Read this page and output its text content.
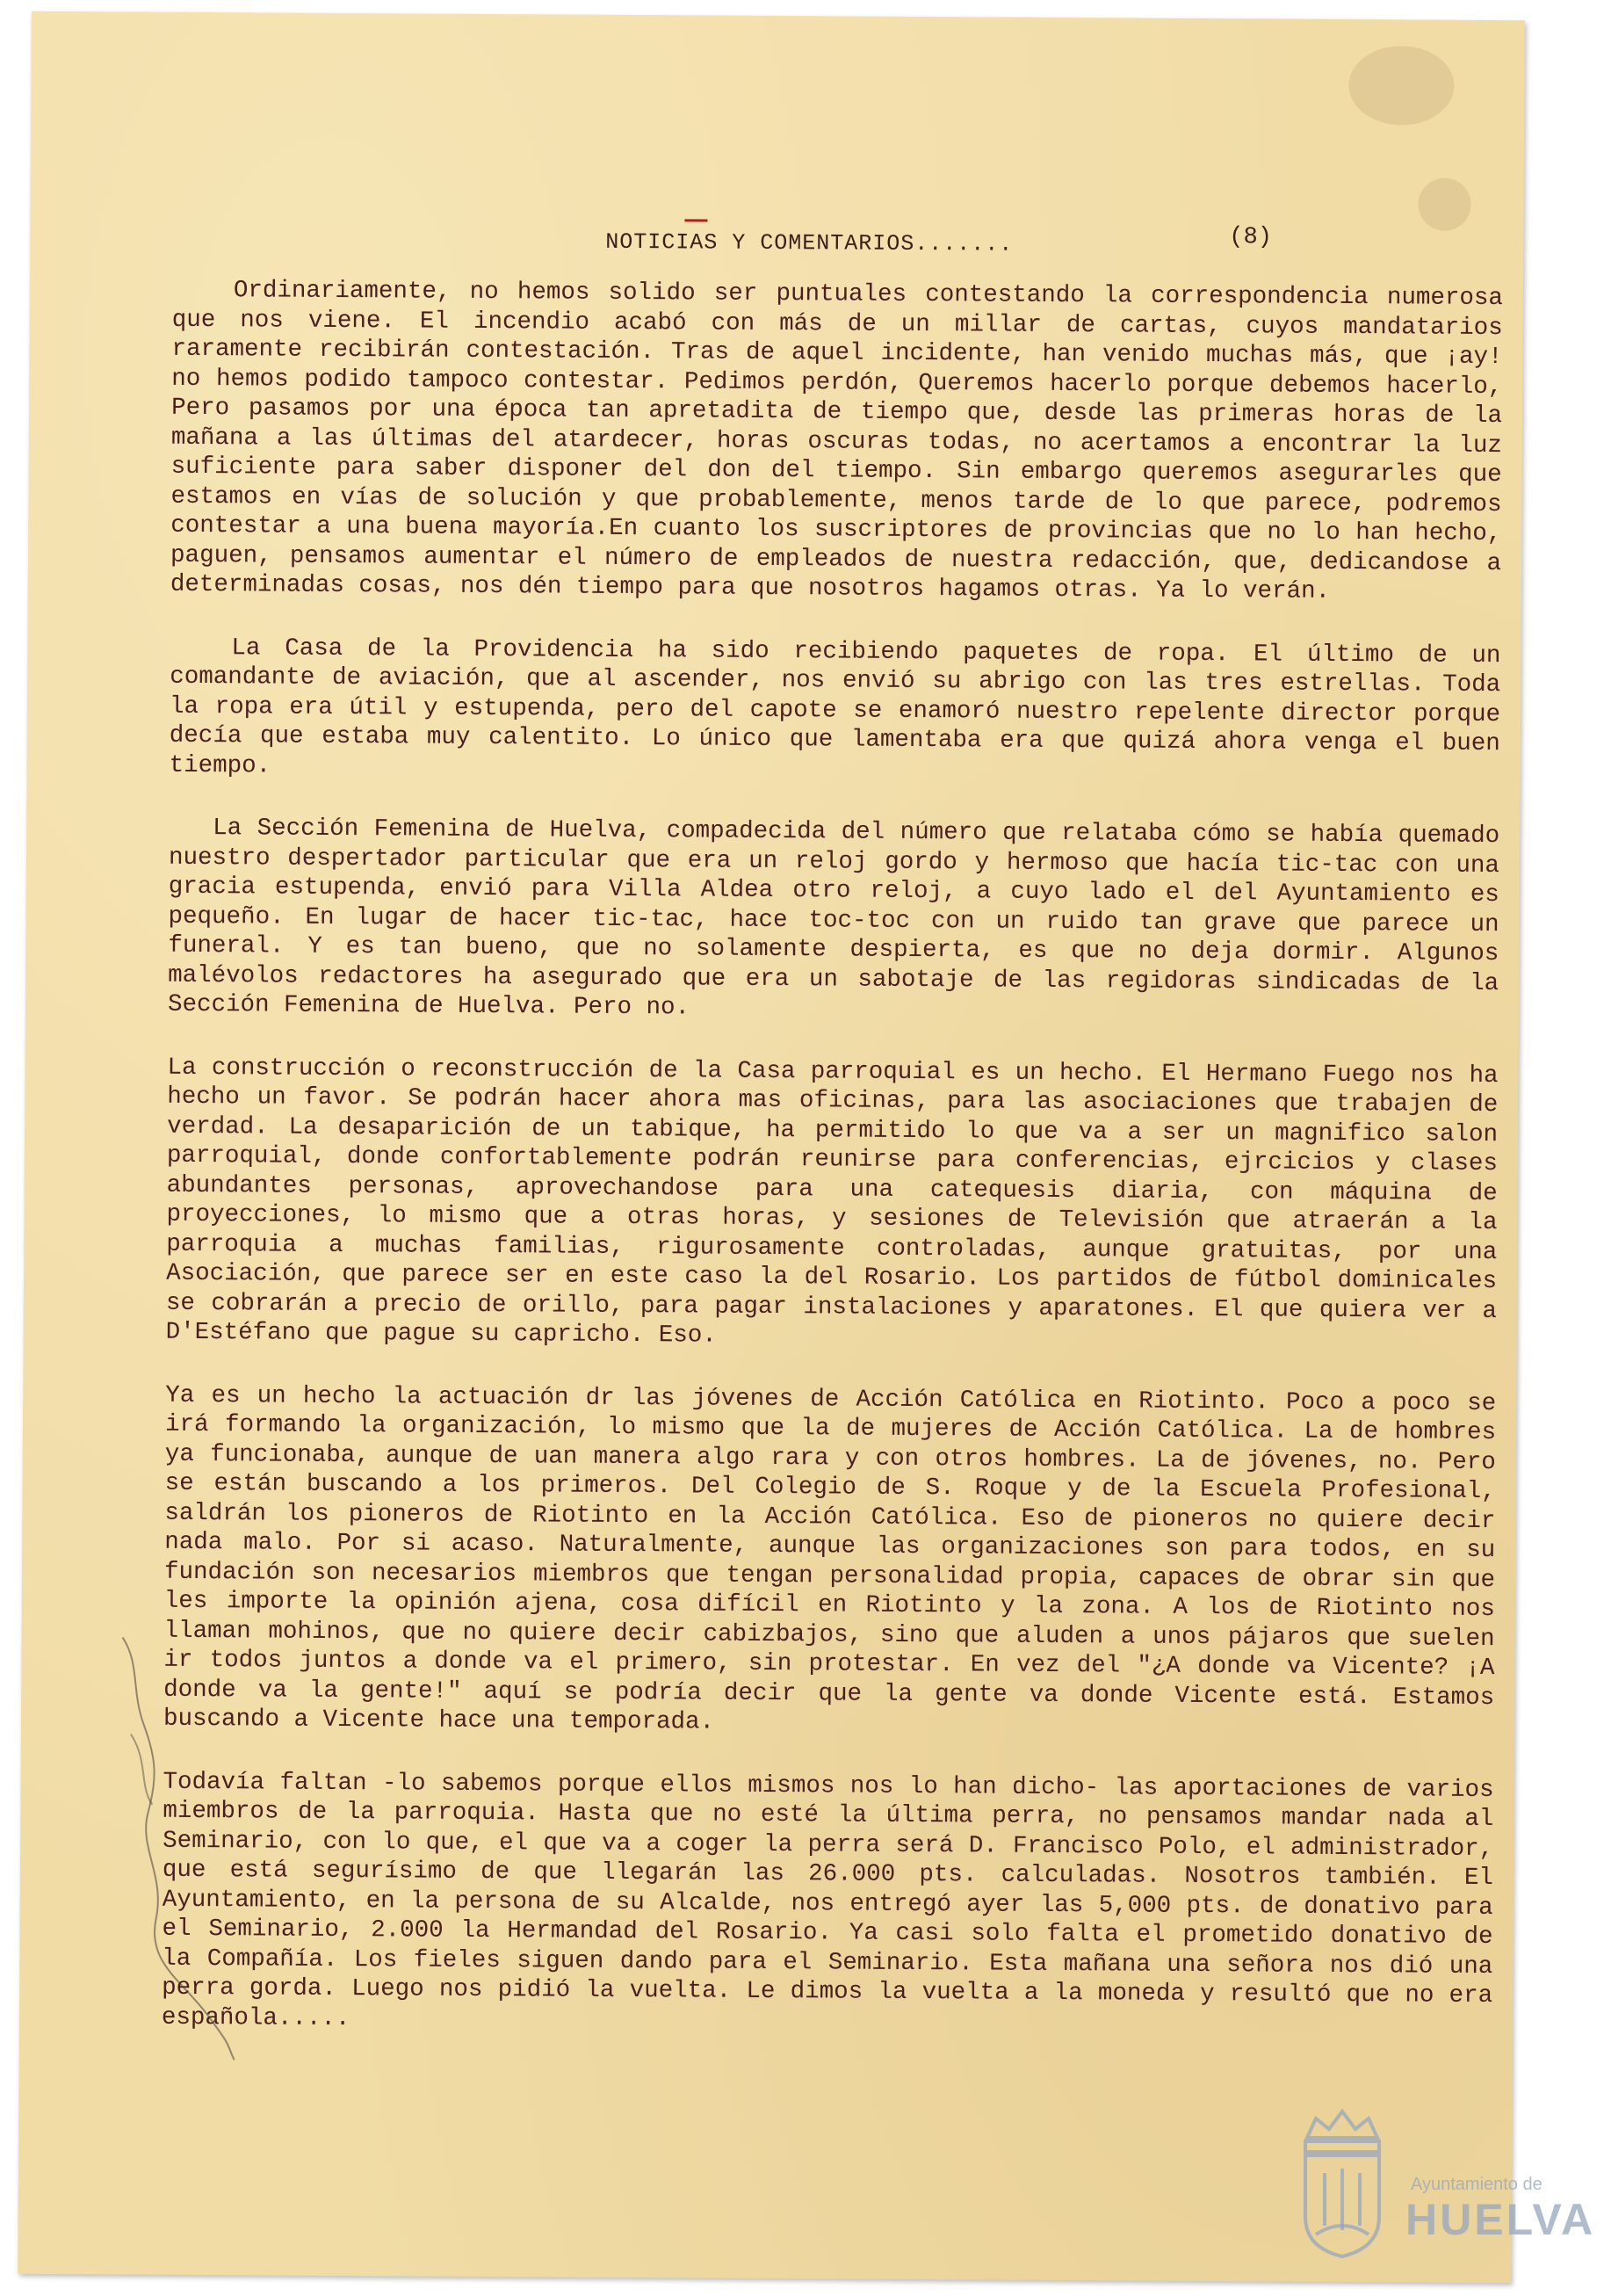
NOTICIAS Y COMENTARIOS.......	(8)

Ordinariamente, no hemos solido ser puntuales contestando la correspondencia numerosa que nos viene. El incendio acabó con más de un millar de cartas, cuyos mandatarios raramente recibirán contestación. Tras de aquel incidente, han venido muchas más, que ¡ay! no hemos podido tampoco contestar. Pedimos perdón, Queremos hacerlo porque debemos hacerlo, Pero pasamos por una época tan apretadita de tiempo que, desde las primeras horas de la mañana a las últimas del atardecer, horas oscuras todas, no acertamos a encontrar la luz suficiente para saber disponer del don del tiempo. Sin embargo queremos asegurarles que estamos en vías de solución y que probablemente, menos tarde de lo que parece, podremos contestar a una buena mayoría.En cuanto los suscriptores de provincias que no lo han hecho, paguen, pensamos aumentar el número de empleados de nuestra redacción, que, dedicandose a determinadas cosas, nos dén tiempo para que nosotros hagamos otras. Ya lo verán.

La Casa de la Providencia ha sido recibiendo paquetes de ropa. El último de un comandante de aviación, que al ascender, nos envió su abrigo con las tres estrellas. Toda la ropa era útil y estupenda, pero del capote se enamoró nuestro repelente director porque decía que estaba muy calentito. Lo único que lamentaba era que quizá ahora venga el buen tiempo.

La Sección Femenina de Huelva, compadecida del número que relataba cómo se había quemado nuestro despertador particular que era un reloj gordo y hermoso que hacía tic-tac con una gracia estupenda, envió para Villa Aldea otro reloj, a cuyo lado el del Ayuntamiento es pequeño. En lugar de hacer tic-tac, hace toc-toc con un ruido tan grave que parece un funeral. Y es tan bueno, que no solamente despierta, es que no deja dormir. Algunos malévolos redactores ha asegurado que era un sabotaje de las regidoras sindicadas de la Sección Femenina de Huelva. Pero no.

La construcción o reconstrucción de la Casa parroquial es un hecho. El Hermano Fuego nos ha hecho un favor. Se podrán hacer ahora mas oficinas, para las asociaciones que trabajen de verdad. La desaparición de un tabique, ha permitido lo que va a ser un magnifico salon parroquial, donde confortablemente podrán reunirse para conferencias, ejrcicios y clases abundantes personas, aprovechandose para una catequesis diaria, con máquina de proyecciones, lo mismo que a otras horas, y sesiones de Televisión que atraerán a la parroquia a muchas familias, rigurosamente controladas, aunque gratuitas, por una Asociación, que parece ser en este caso la del Rosario. Los partidos de fútbol dominicales se cobrarán a precio de orillo, para pagar instalaciones y aparatones. El que quiera ver a D'Estéfano que pague su capricho. Eso.

Ya es un hecho la actuación dr las jóvenes de Acción Católica en Riotinto. Poco a poco se irá formando la organización, lo mismo que la de mujeres de Acción Católica. La de hombres ya funcionaba, aunque de uan manera algo rara y con otros hombres. La de jóvenes, no. Pero se están buscando a los primeros. Del Colegio de S. Roque y de la Escuela Profesional, saldrán los pioneros de Riotinto en la Acción Católica. Eso de pioneros no quiere decir nada malo. Por si acaso. Naturalmente, aunque las organizaciones son para todos, en su fundación son necesarios miembros que tengan personalidad propia, capaces de obrar sin que les importe la opinión ajena, cosa difícil en Riotinto y la zona. A los de Riotinto nos llaman mohinos, que no quiere decir cabizbajos, sino que aluden a unos pájaros que suelen ir todos juntos a donde va el primero, sin protestar. En vez del "¿A donde va Vicente? ¡A donde va la gente!" aquí se podría decir que la gente va donde Vicente está. Estamos buscando a Vicente hace una temporada.

Todavía faltan -lo sabemos porque ellos mismos nos lo han dicho- las aportaciones de varios miembros de la parroquia. Hasta que no esté la última perra, no pensamos mandar nada al Seminario, con lo que, el que va a coger la perra será D. Francisco Polo, el administrador, que está segurísimo de que llegarán las 26.000 pts. calculadas. Nosotros también. El Ayuntamiento, en la persona de su Alcalde, nos entregó ayer las 5,000 pts. de donativo para el Seminario, 2.000 la Hermandad del Rosario. Ya casi solo falta el prometido donativo de la Compañía. Los fieles siguen dando para el Seminario. Esta mañana una señora nos dió una perra gorda. Luego nos pidió la vuelta. Le dimos la vuelta a la moneda y resultó que no era española.....

Ayuntamiento de
HUELVA
